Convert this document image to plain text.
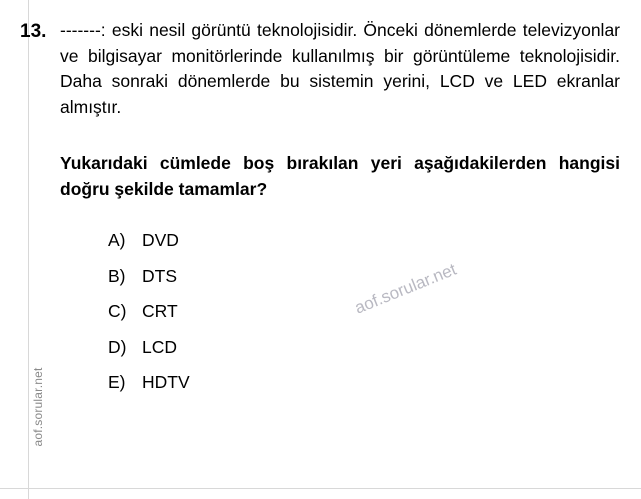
aof.sorular.net
aof.sorular.net
13. -------: eski nesil görüntü teknolojisidir. Önceki dönemlerde televizyonlar ve bilgisayar monitörlerinde kullanılmış bir görüntüleme teknolojisidir. Daha sonraki dönemlerde bu sistemin yerini, LCD ve LED ekranlar almıştır.
Yukarıdaki cümlede boş bırakılan yeri aşağıdakilerden hangisi doğru şekilde tamamlar?
A) DVD
B) DTS
C) CRT
D) LCD
E) HDTV
